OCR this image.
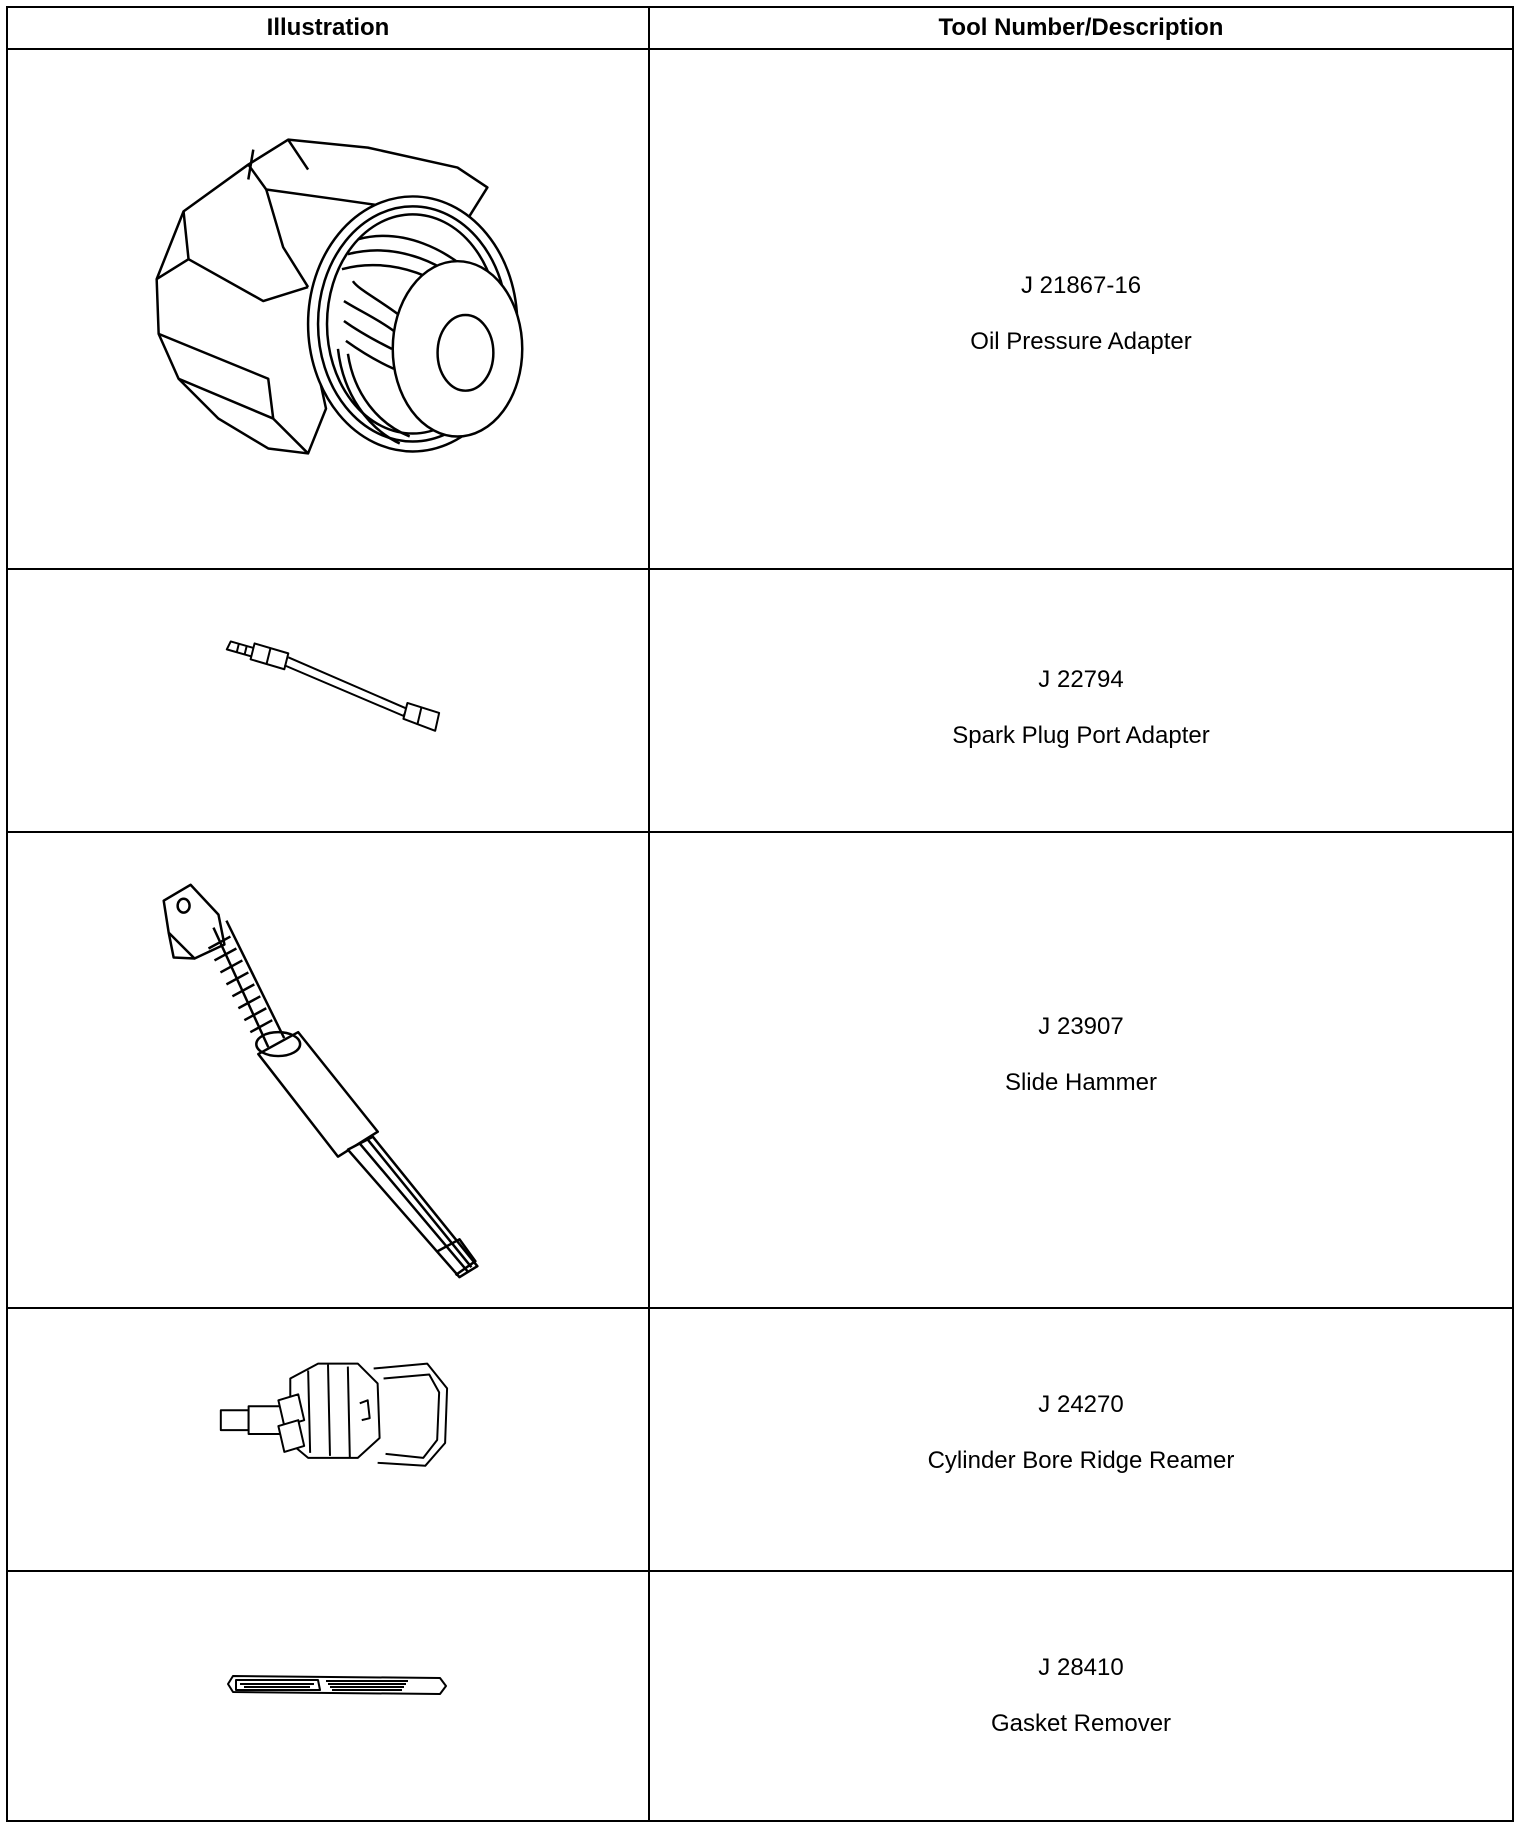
Illustration	Tool Number/Description
J 21867-16
Oil Pressure Adapter
J 22794
Spark Plug Port Adapter
J 23907
Slide Hammer
J 24270
Cylinder Bore Ridge Reamer
J 28410
Gasket Remover
